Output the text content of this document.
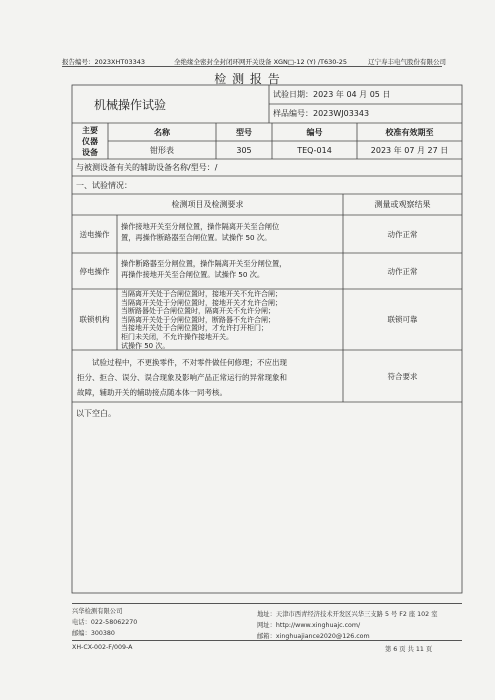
报告编号：2023XHT03343	全绝缘全密封全封闭环网开关设备 XGN□-12 (Y) /T630-25	辽宁寿丰电气股份有限公司
检 测 报 告
机械操作试验
试验日期：2023 年 04 月 05 日
样品编号： 2023WJ03343
主要
仪器
设备
名称	型号	编号	校准有效期至
钳形表	305	TEQ-014	2023 年 07 月 27 日
与被测设备有关的辅助设备名称/型号：/
一、试验情况：
检测项目及检测要求	测量或观察结果
送电操作
操作接地开关至分闸位置，操作隔离开关至合闸位
置，再操作断路器至合闸位置。试操作 50 次。	动作正常
停电操作
操作断路器至分闸位置，操作隔离开关至分闸位置，
再操作接地开关至合闸位置。试操作 50 次。	动作正常
联锁机构
当隔离开关处于合闸位置时，接地开关不允许合闸；
当隔离开关处于分闸位置时，接地开关才允许合闸；
当断路器处于合闸位置时，隔离开关不允许分闸；
当隔离开关处于分闸位置时，断路器不允许合闸；
当接地开关处于合闸位置时，才允许打开柜门；
柜门未关闭，不允许操作接地开关。
试操作 50 次。
联锁可靠
试验过程中，不更换零件，不对零件做任何修理；不应出现
拒分、拒合、误分、误合现象及影响产品正常运行的异常现象和
故障，辅助开关的辅助接点随本体一同考核。
符合要求
以下空白。
兴华检测有限公司
电话：022-58062270
邮编：300380
地址：天津市西青经济技术开发区兴华三支路 5 号 F2 座 102 室
网址：http://www.xinghuajc.com/
邮箱：xinghuajiance2020@126.com
XH-CX-002-F/009-A	第 6 页 共 11 页
